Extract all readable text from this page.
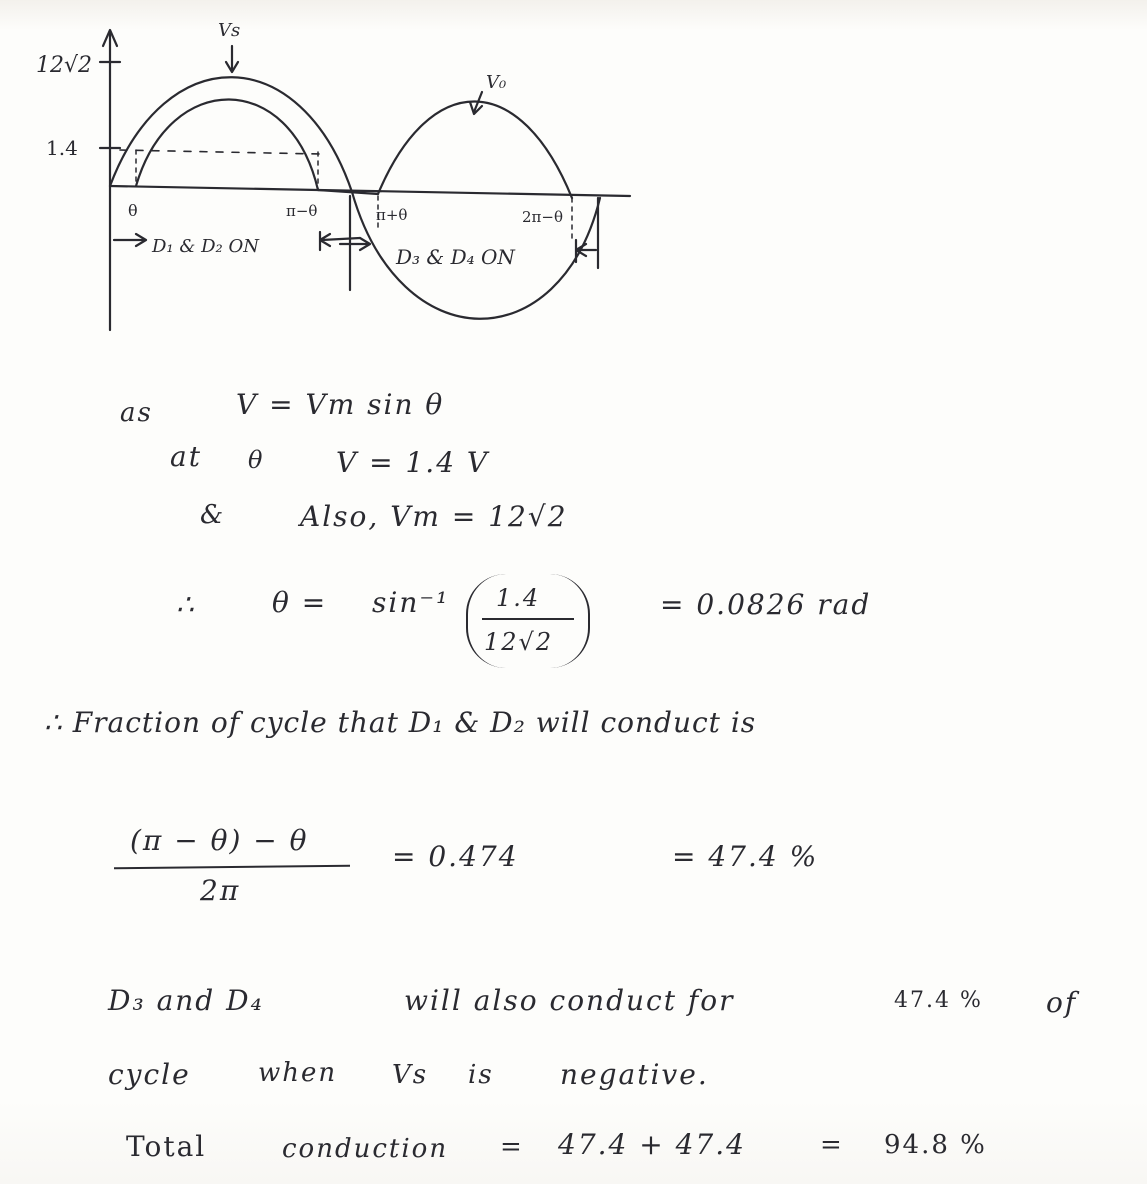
12√2
1.4
Vs
V₀
θ	π−θ	π+θ	2π−θ
D₁ & D₂ ON	D₃ & D₄ ON
as	V = Vm sin θ
at θ	V = 1.4 V
&	Also, Vm = 12√2
∴	θ = sin⁻¹ 1.4
12√2
= 0.0826 rad
∴ Fraction of cycle that D₁ & D₂ will conduct is
(π − θ) − θ
2π
= 0.474	= 47.4 %
D₃ and D₄	will also conduct for	47.4 % of
cycle	when Vs is negative.
Total	conduction = 47.4 + 47.4	= 94.8 %
